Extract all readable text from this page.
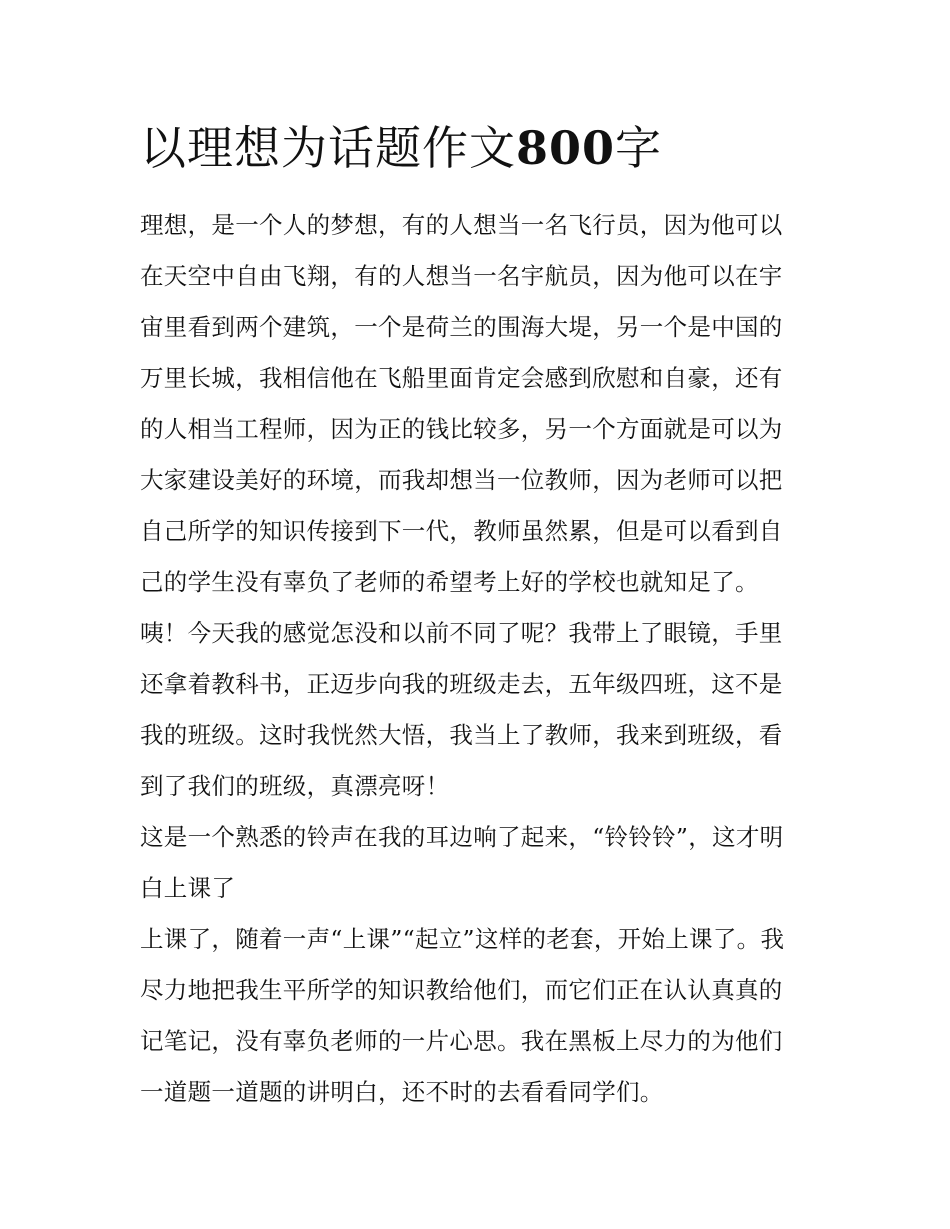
以理想为话题作文800字
理想，是一个人的梦想，有的人想当一名飞行员，因为他可以
在天空中自由飞翔，有的人想当一名宇航员，因为他可以在宇
宙里看到两个建筑，一个是荷兰的围海大堤，另一个是中国的
万里长城，我相信他在飞船里面肯定会感到欣慰和自豪，还有
的人相当工程师，因为正的钱比较多，另一个方面就是可以为
大家建设美好的环境，而我却想当一位教师，因为老师可以把
自己所学的知识传接到下一代，教师虽然累，但是可以看到自
己的学生没有辜负了老师的希望考上好的学校也就知足了。
咦！今天我的感觉怎没和以前不同了呢？我带上了眼镜，手里
还拿着教科书，正迈步向我的班级走去，五年级四班，这不是
我的班级。这时我恍然大悟，我当上了教师，我来到班级，看
到了我们的班级，真漂亮呀！
这是一个熟悉的铃声在我的耳边响了起来，“铃铃铃”，这才明
白上课了
上课了，随着一声“上课”“起立”这样的老套，开始上课了。我
尽力地把我生平所学的知识教给他们，而它们正在认认真真的
记笔记，没有辜负老师的一片心思。我在黑板上尽力的为他们
一道题一道题的讲明白，还不时的去看看同学们。
